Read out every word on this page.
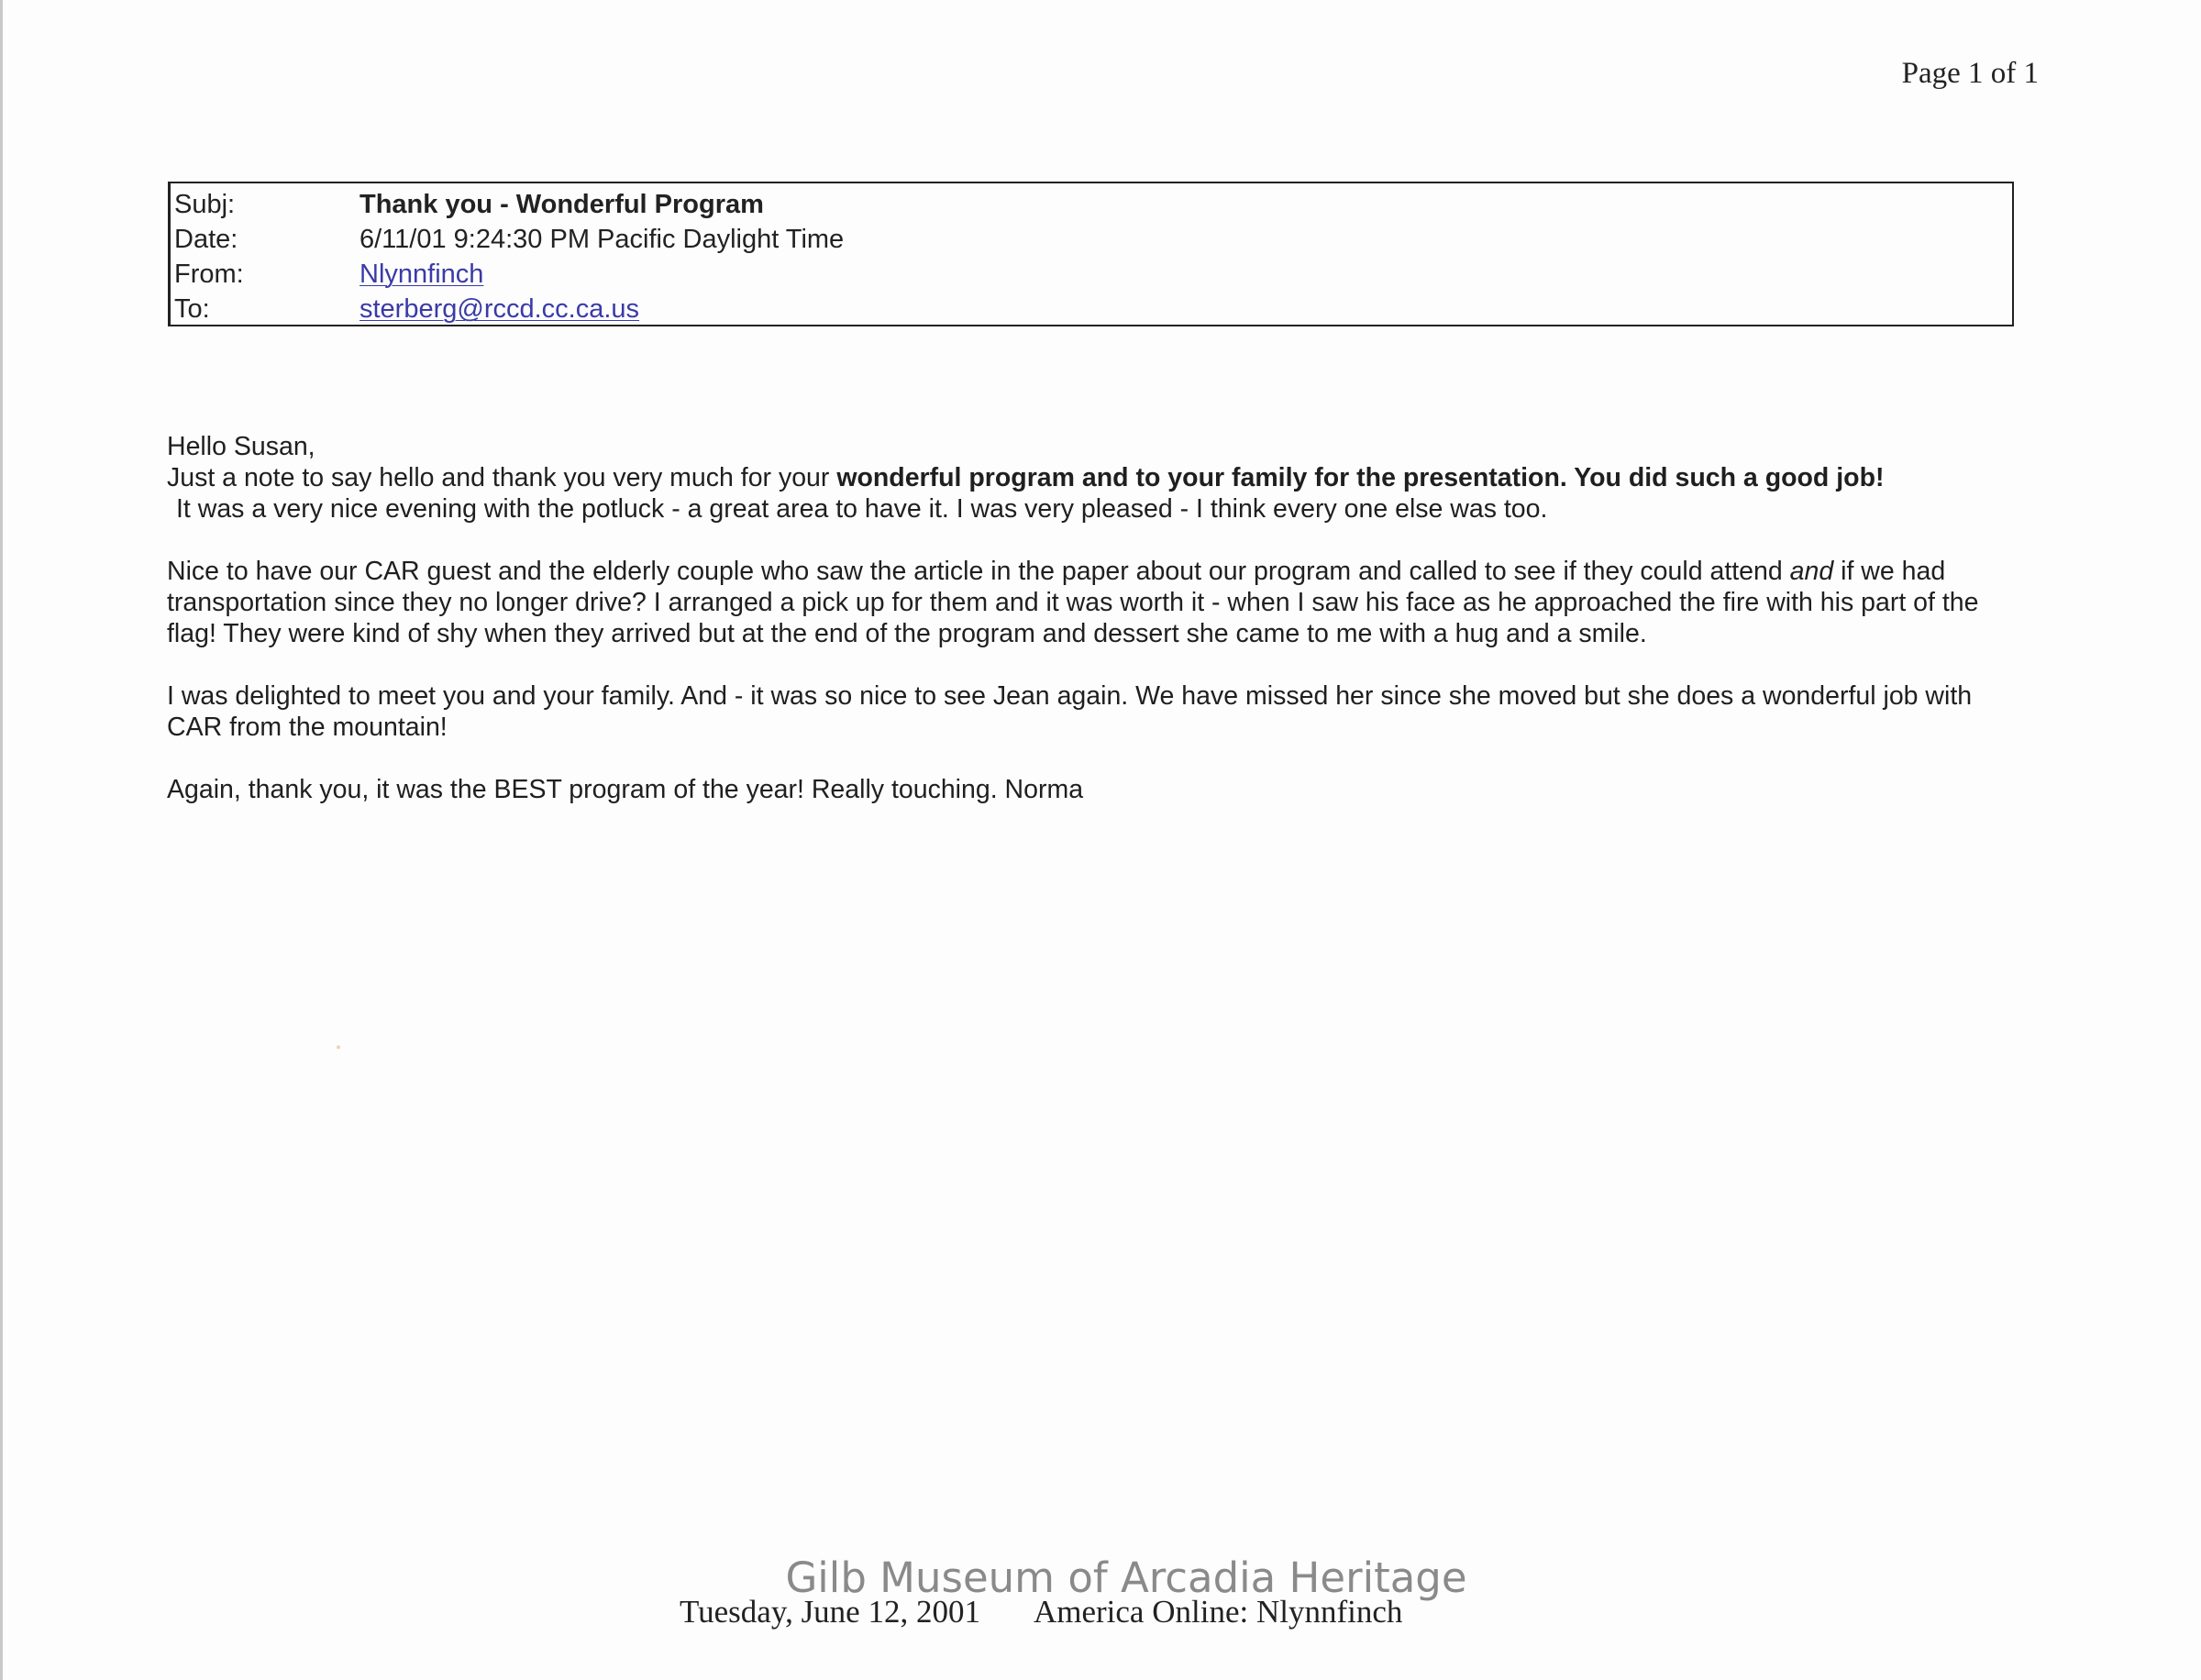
Page 1 of 1
Subj:	Thank you - Wonderful Program
Date:	6/11/01 9:24:30 PM Pacific Daylight Time
From:	Nlynnfinch
To:	sterberg@rccd.cc.ca.us

Hello Susan,

Just a note to say hello and thank you very much for your wonderful program and to your family for the presentation. You did such a good job!

It was a very nice evening with the potluck - a great area to have it. I was very pleased - I think every one else was too.

Nice to have our CAR guest and the elderly couple who saw the article in the paper about our program and called to see if they could attend and if we had transportation since they no longer drive? I arranged a pick up for them and it was worth it - when I saw his face as he approached the fire with his part of the flag! They were kind of shy when they arrived but at the end of the program and dessert she came to me with a hug and a smile.

I was delighted to meet you and your family. And - it was so nice to see Jean again. We have missed her since she moved but she does a wonderful job with CAR from the mountain!

Again, thank you, it was the BEST program of the year! Really touching. Norma

Gilb Museum of Arcadia Heritage
Tuesday, June 12, 2001 America Online: Nlynnfinch
